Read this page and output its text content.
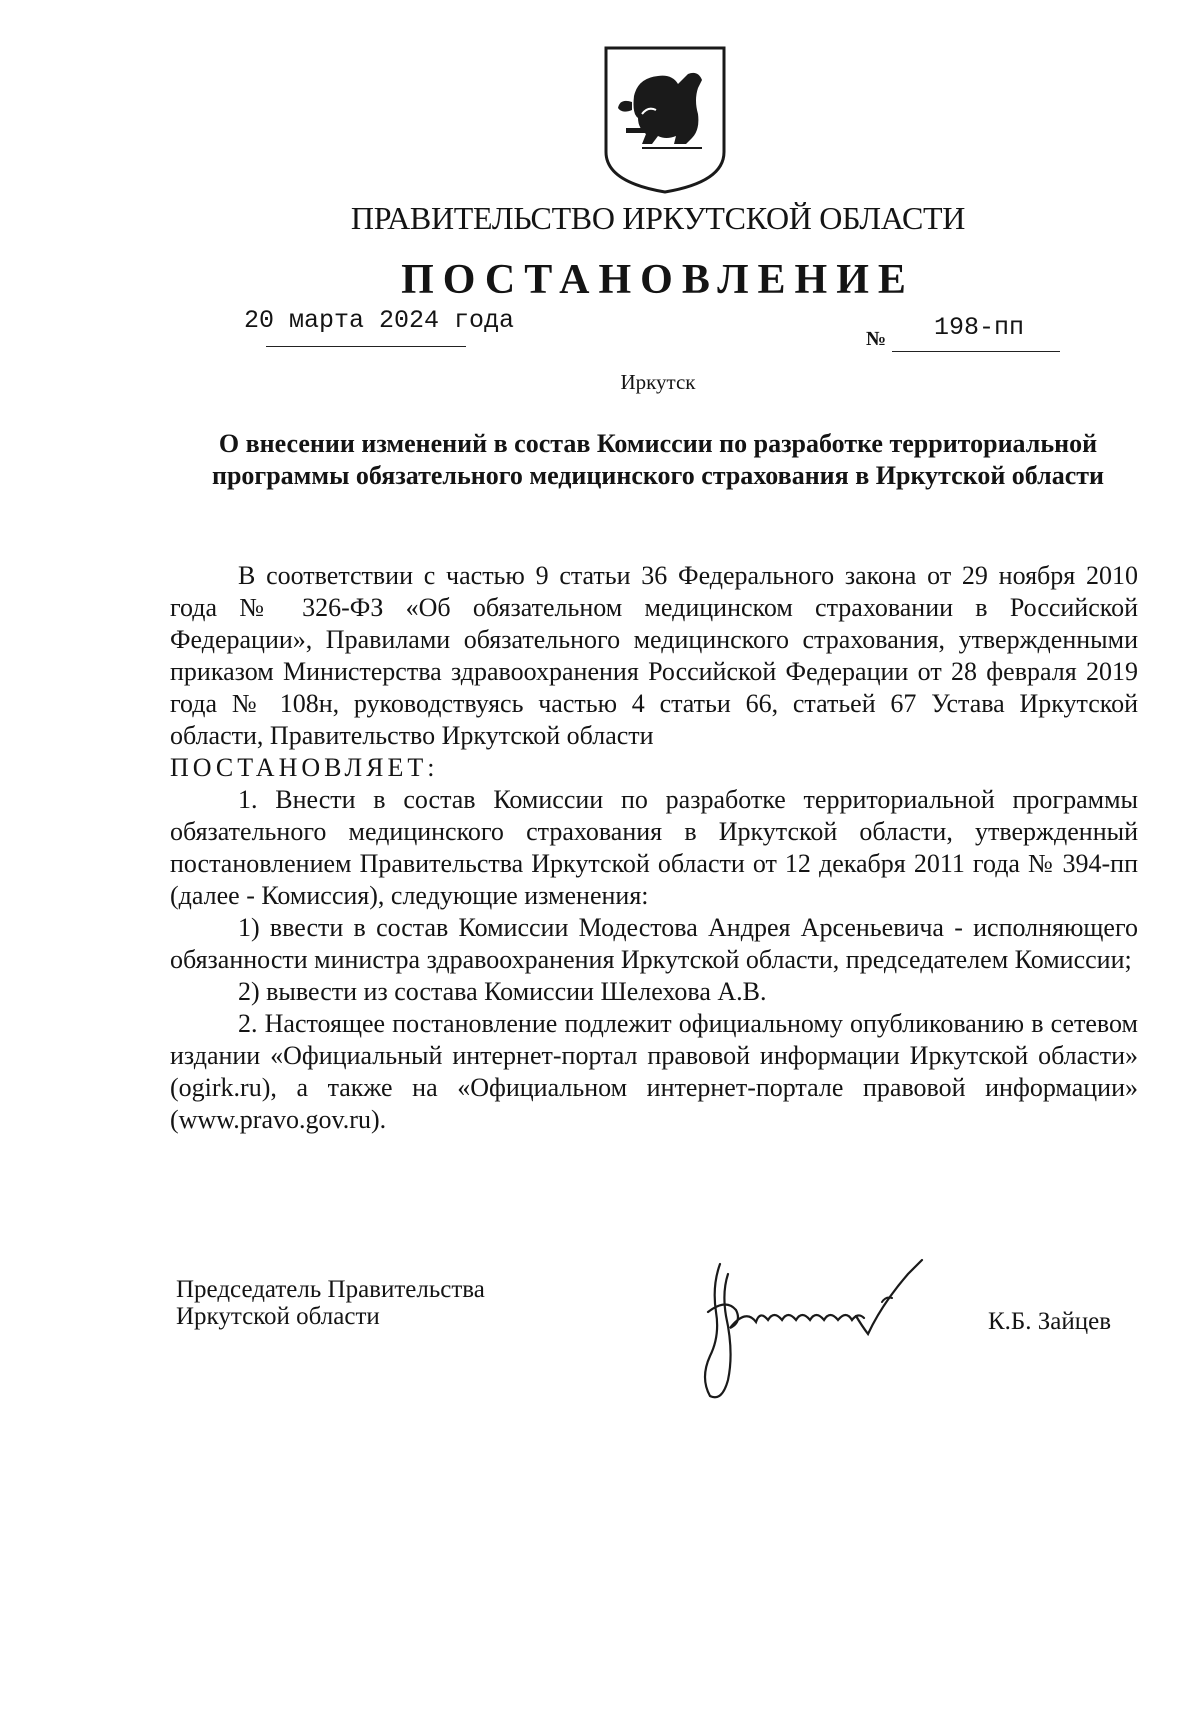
ПРАВИТЕЛЬСТВО ИРКУТСКОЙ ОБЛАСТИ
ПОСТАНОВЛЕНИЕ
20 марта 2024 года
№ 198-пп
Иркутск
О внесении изменений в состав Комиссии по разработке территориальной программы обязательного медицинского страхования в Иркутской области

В соответствии с частью 9 статьи 36 Федерального закона от 29 ноября 2010 года № 326-ФЗ «Об обязательном медицинском страховании в Российской Федерации», Правилами обязательного медицинского страхования, утвержденными приказом Министерства здравоохранения Российской Федерации от 28 февраля 2019 года № 108н, руководствуясь частью 4 статьи 66, статьей 67 Устава Иркутской области, Правительство Иркутской области

ПОСТАНОВЛЯЕТ:

1. Внести в состав Комиссии по разработке территориальной программы обязательного медицинского страхования в Иркутской области, утвержденный постановлением Правительства Иркутской области от 12 декабря 2011 года № 394-пп (далее - Комиссия), следующие изменения:

1) ввести в состав Комиссии Модестова Андрея Арсеньевича - исполняющего обязанности министра здравоохранения Иркутской области, председателем Комиссии;

2) вывести из состава Комиссии Шелехова А.В.

2. Настоящее постановление подлежит официальному опубликованию в сетевом издании «Официальный интернет-портал правовой информации Иркутской области» (ogirk.ru), а также на «Официальном интернет-портале правовой информации» (www.pravo.gov.ru).

Председатель Правительства
Иркутской области	К.Б. Зайцев
